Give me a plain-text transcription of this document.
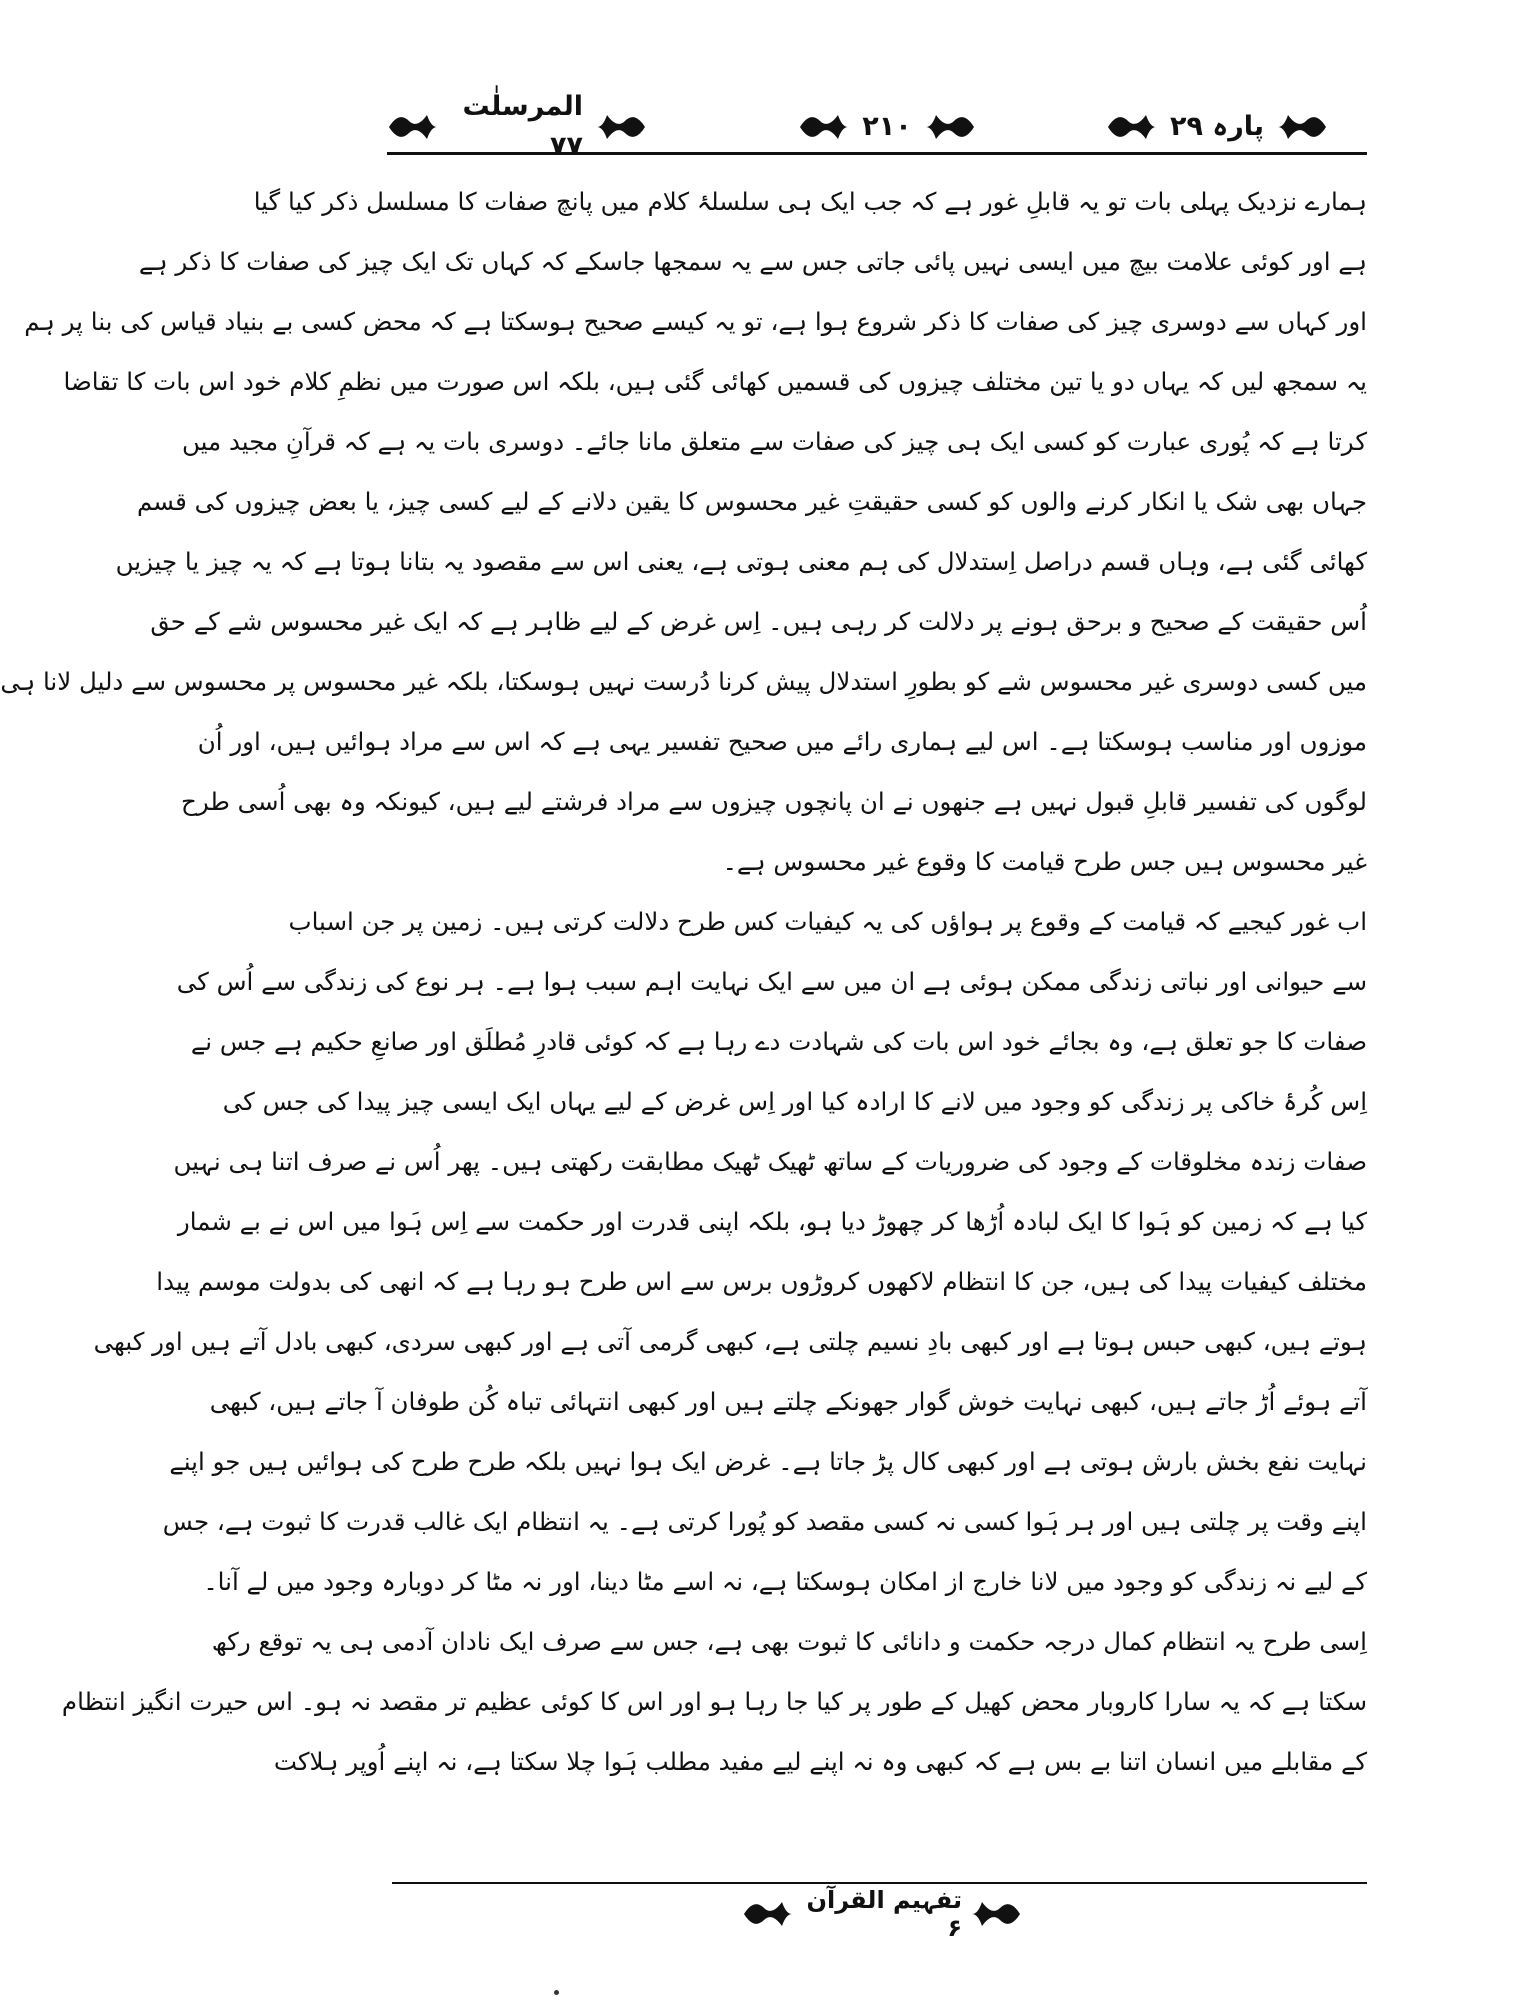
پارہ ۲۹
۲۱۰
المرسلٰت ۷۷
ہمارے نزدیک پہلی بات تو یہ قابلِ غور ہے کہ جب ایک ہی سلسلۂ کلام میں پانچ صفات کا مسلسل ذکر کیا گیا
ہے اور کوئی علامت بیچ میں ایسی نہیں پائی جاتی جس سے یہ سمجھا جاسکے کہ کہاں تک ایک چیز کی صفات کا ذکر ہے
اور کہاں سے دوسری چیز کی صفات کا ذکر شروع ہوا ہے، تو یہ کیسے صحیح ہوسکتا ہے کہ محض کسی بے بنیاد قیاس کی بنا پر ہم
یہ سمجھ لیں کہ یہاں دو یا تین مختلف چیزوں کی قسمیں کھائی گئی ہیں، بلکہ اس صورت میں نظمِ کلام خود اس بات کا تقاضا
کرتا ہے کہ پُوری عبارت کو کسی ایک ہی چیز کی صفات سے متعلق مانا جائے۔ دوسری بات یہ ہے کہ قرآنِ مجید میں
جہاں بھی شک یا انکار کرنے والوں کو کسی حقیقتِ غیر محسوس کا یقین دلانے کے لیے کسی چیز، یا بعض چیزوں کی قسم
کھائی گئی ہے، وہاں قسم دراصل اِستدلال کی ہم معنی ہوتی ہے، یعنی اس سے مقصود یہ بتانا ہوتا ہے کہ یہ چیز یا چیزیں
اُس حقیقت کے صحیح و برحق ہونے پر دلالت کر رہی ہیں۔ اِس غرض کے لیے ظاہر ہے کہ ایک غیر محسوس شے کے حق
میں کسی دوسری غیر محسوس شے کو بطورِ استدلال پیش کرنا دُرست نہیں ہوسکتا، بلکہ غیر محسوس پر محسوس سے دلیل لانا ہی
موزوں اور مناسب ہوسکتا ہے۔ اس لیے ہماری رائے میں صحیح تفسیر یہی ہے کہ اس سے مراد ہوائیں ہیں، اور اُن
لوگوں کی تفسیر قابلِ قبول نہیں ہے جنھوں نے ان پانچوں چیزوں سے مراد فرشتے لیے ہیں، کیونکہ وہ بھی اُسی طرح
غیر محسوس ہیں جس طرح قیامت کا وقوع غیر محسوس ہے۔
اب غور کیجیے کہ قیامت کے وقوع پر ہواؤں کی یہ کیفیات کس طرح دلالت کرتی ہیں۔ زمین پر جن اسباب
سے حیوانی اور نباتی زندگی ممکن ہوئی ہے ان میں سے ایک نہایت اہم سبب ہوا ہے۔ ہر نوع کی زندگی سے اُس کی
صفات کا جو تعلق ہے، وہ بجائے خود اس بات کی شہادت دے رہا ہے کہ کوئی قادرِ مُطلَق اور صانعِ حکیم ہے جس نے
اِس کُرۂ خاکی پر زندگی کو وجود میں لانے کا ارادہ کیا اور اِس غرض کے لیے یہاں ایک ایسی چیز پیدا کی جس کی
صفات زندہ مخلوقات کے وجود کی ضروریات کے ساتھ ٹھیک ٹھیک مطابقت رکھتی ہیں۔ پھر اُس نے صرف اتنا ہی نہیں
کیا ہے کہ زمین کو ہَوا کا ایک لبادہ اُڑھا کر چھوڑ دیا ہو، بلکہ اپنی قدرت اور حکمت سے اِس ہَوا میں اس نے بے شمار
مختلف کیفیات پیدا کی ہیں، جن کا انتظام لاکھوں کروڑوں برس سے اس طرح ہو رہا ہے کہ انھی کی بدولت موسم پیدا
ہوتے ہیں، کبھی حبس ہوتا ہے اور کبھی بادِ نسیم چلتی ہے، کبھی گرمی آتی ہے اور کبھی سردی، کبھی بادل آتے ہیں اور کبھی
آتے ہوئے اُڑ جاتے ہیں، کبھی نہایت خوش گوار جھونکے چلتے ہیں اور کبھی انتہائی تباہ کُن طوفان آ جاتے ہیں، کبھی
نہایت نفع بخش بارش ہوتی ہے اور کبھی کال پڑ جاتا ہے۔ غرض ایک ہوا نہیں بلکہ طرح طرح کی ہوائیں ہیں جو اپنے
اپنے وقت پر چلتی ہیں اور ہر ہَوا کسی نہ کسی مقصد کو پُورا کرتی ہے۔ یہ انتظام ایک غالب قدرت کا ثبوت ہے، جس
کے لیے نہ زندگی کو وجود میں لانا خارج از امکان ہوسکتا ہے، نہ اسے مٹا دینا، اور نہ مٹا کر دوبارہ وجود میں لے آنا۔
اِسی طرح یہ انتظام کمال درجہ حکمت و دانائی کا ثبوت بھی ہے، جس سے صرف ایک نادان آدمی ہی یہ توقع رکھ
سکتا ہے کہ یہ سارا کاروبار محض کھیل کے طور پر کیا جا رہا ہو اور اس کا کوئی عظیم تر مقصد نہ ہو۔ اس حیرت انگیز انتظام
کے مقابلے میں انسان اتنا بے بس ہے کہ کبھی وہ نہ اپنے لیے مفید مطلب ہَوا چلا سکتا ہے، نہ اپنے اُوپر ہلاکت
تفہیم القرآن ۶
